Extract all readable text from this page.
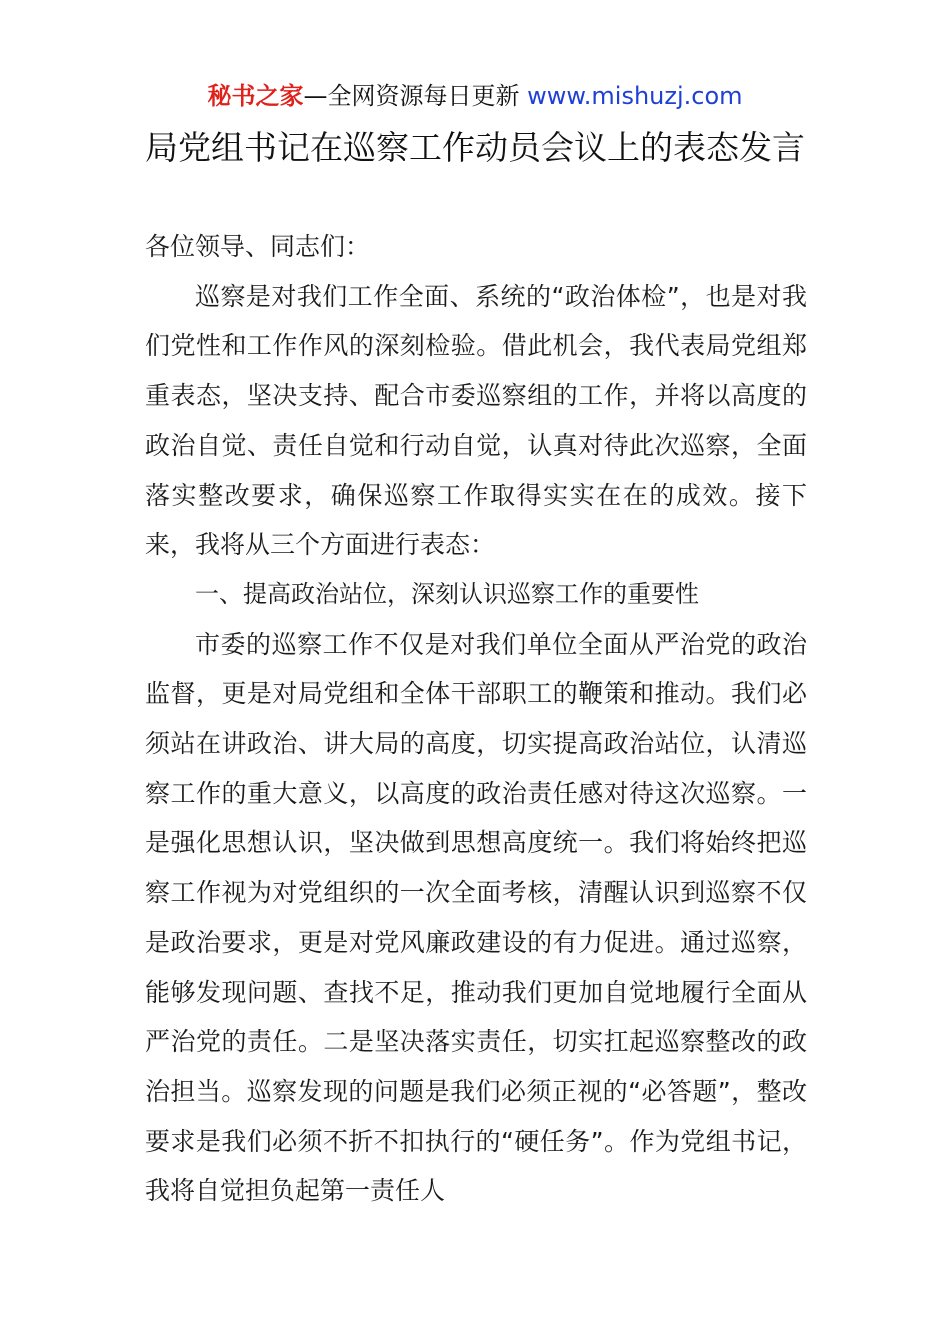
秘书之家—全网资源每日更新 www.mishuzj.com
局党组书记在巡察工作动员会议上的表态发言

各位领导、同志们：

巡察是对我们工作全面、系统的“政治体检”，也是对我们党性和工作作风的深刻检验。借此机会，我代表局党组郑重表态，坚决支持、配合市委巡察组的工作，并将以高度的政治自觉、责任自觉和行动自觉，认真对待此次巡察，全面落实整改要求，确保巡察工作取得实实在在的成效。接下来，我将从三个方面进行表态：

一、提高政治站位，深刻认识巡察工作的重要性

市委的巡察工作不仅是对我们单位全面从严治党的政治监督，更是对局党组和全体干部职工的鞭策和推动。我们必须站在讲政治、讲大局的高度，切实提高政治站位，认清巡察工作的重大意义，以高度的政治责任感对待这次巡察。一是强化思想认识，坚决做到思想高度统一。我们将始终把巡察工作视为对党组织的一次全面考核，清醒认识到巡察不仅是政治要求，更是对党风廉政建设的有力促进。通过巡察，能够发现问题、查找不足，推动我们更加自觉地履行全面从严治党的责任。二是坚决落实责任，切实扛起巡察整改的政治担当。巡察发现的问题是我们必须正视的“必答题”，整改要求是我们必须不折不扣执行的“硬任务”。作为党组书记，我将自觉担负起第一责任人
